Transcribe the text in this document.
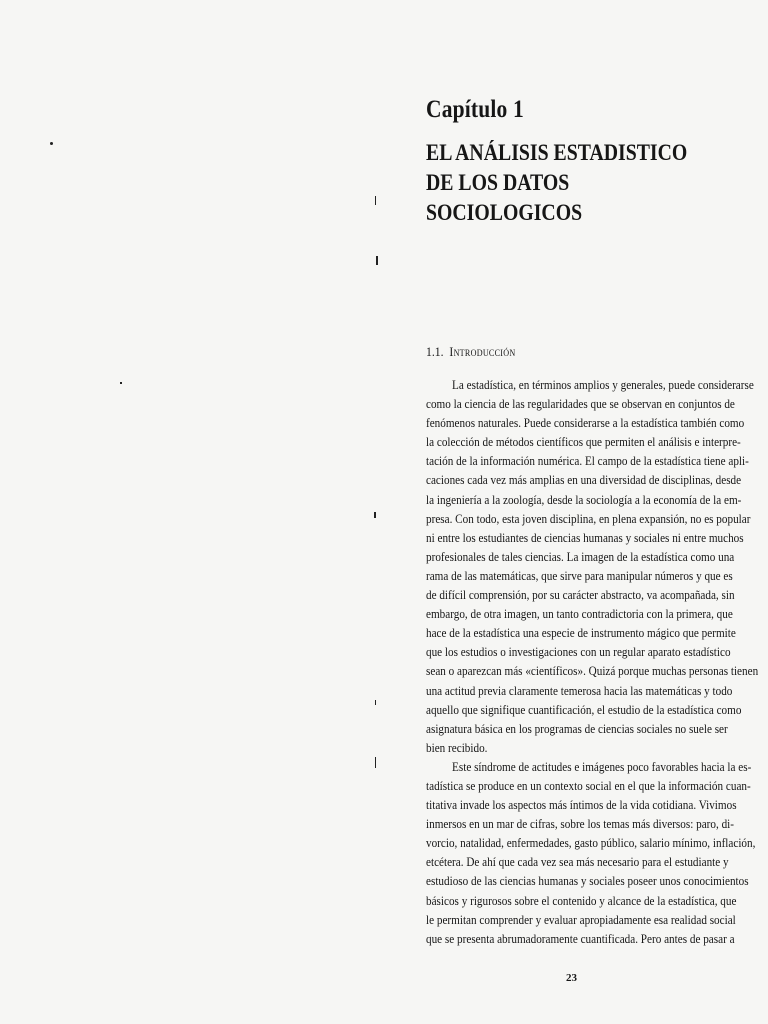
Capítulo 1
EL ANÁLISIS ESTADISTICO
DE LOS DATOS
SOCIOLOGICOS
1.1. Introducción
La estadística, en términos amplios y generales, puede considerarse
como la ciencia de las regularidades que se observan en conjuntos de
fenómenos naturales. Puede considerarse a la estadística también como
la colección de métodos científicos que permiten el análisis e interpre-
tación de la información numérica. El campo de la estadística tiene apli-
caciones cada vez más amplias en una diversidad de disciplinas, desde
la ingeniería a la zoología, desde la sociología a la economía de la em-
presa. Con todo, esta joven disciplina, en plena expansión, no es popular
ni entre los estudiantes de ciencias humanas y sociales ni entre muchos
profesionales de tales ciencias. La imagen de la estadística como una
rama de las matemáticas, que sirve para manipular números y que es
de difícil comprensión, por su carácter abstracto, va acompañada, sin
embargo, de otra imagen, un tanto contradictoria con la primera, que
hace de la estadística una especie de instrumento mágico que permite
que los estudios o investigaciones con un regular aparato estadístico
sean o aparezcan más «científicos». Quizá porque muchas personas tienen
una actitud previa claramente temerosa hacia las matemáticas y todo
aquello que signifique cuantificación, el estudio de la estadística como
asignatura básica en los programas de ciencias sociales no suele ser
bien recibido.
Este síndrome de actitudes e imágenes poco favorables hacia la es-
tadística se produce en un contexto social en el que la información cuan-
titativa invade los aspectos más íntimos de la vida cotidiana. Vivimos
inmersos en un mar de cifras, sobre los temas más diversos: paro, di-
vorcio, natalidad, enfermedades, gasto público, salario mínimo, inflación,
etcétera. De ahí que cada vez sea más necesario para el estudiante y
estudioso de las ciencias humanas y sociales poseer unos conocimientos
básicos y rigurosos sobre el contenido y alcance de la estadística, que
le permitan comprender y evaluar apropiadamente esa realidad social
que se presenta abrumadoramente cuantificada. Pero antes de pasar a
23
